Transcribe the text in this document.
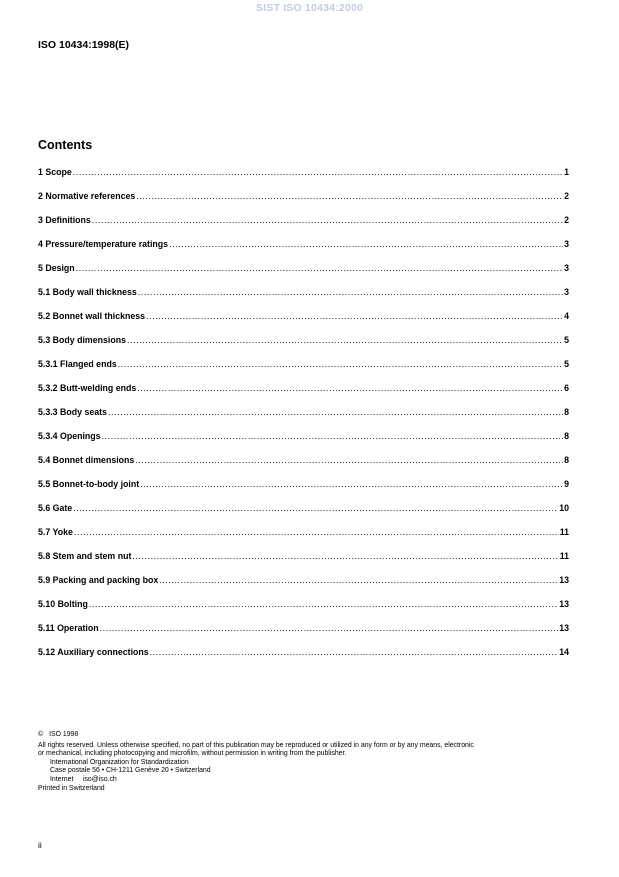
SIST ISO 10434:2000
ISO 10434:1998(E)
Contents
1 Scope .....	1
2 Normative references .....	2
3 Definitions .....	2
4 Pressure/temperature ratings .....	3
5 Design .....	3
5.1 Body wall thickness .....	3
5.2 Bonnet wall thickness .....	4
5.3 Body dimensions .....	5
5.3.1 Flanged ends .....	5
5.3.2 Butt-welding ends .....	6
5.3.3 Body seats .....	8
5.3.4 Openings .....	8
5.4 Bonnet dimensions .....	8
5.5 Bonnet-to-body joint .....	9
5.6 Gate .....	10
5.7 Yoke .....	11
5.8 Stem and stem nut .....	11
5.9 Packing and packing box .....	13
5.10 Bolting .....	13
5.11 Operation .....	13
5.12 Auxiliary connections .....	14
© ISO 1998
All rights reserved. Unless otherwise specified, no part of this publication may be reproduced or utilized in any form or by any means, electronic
or mechanical, including photocopying and microfilm, without permission in writing from the publisher.
International Organization for Standardization
Case postale 56 • CH-1211 Genève 20 • Switzerland
Internet iso@iso.ch
Printed in Switzerland
ii
